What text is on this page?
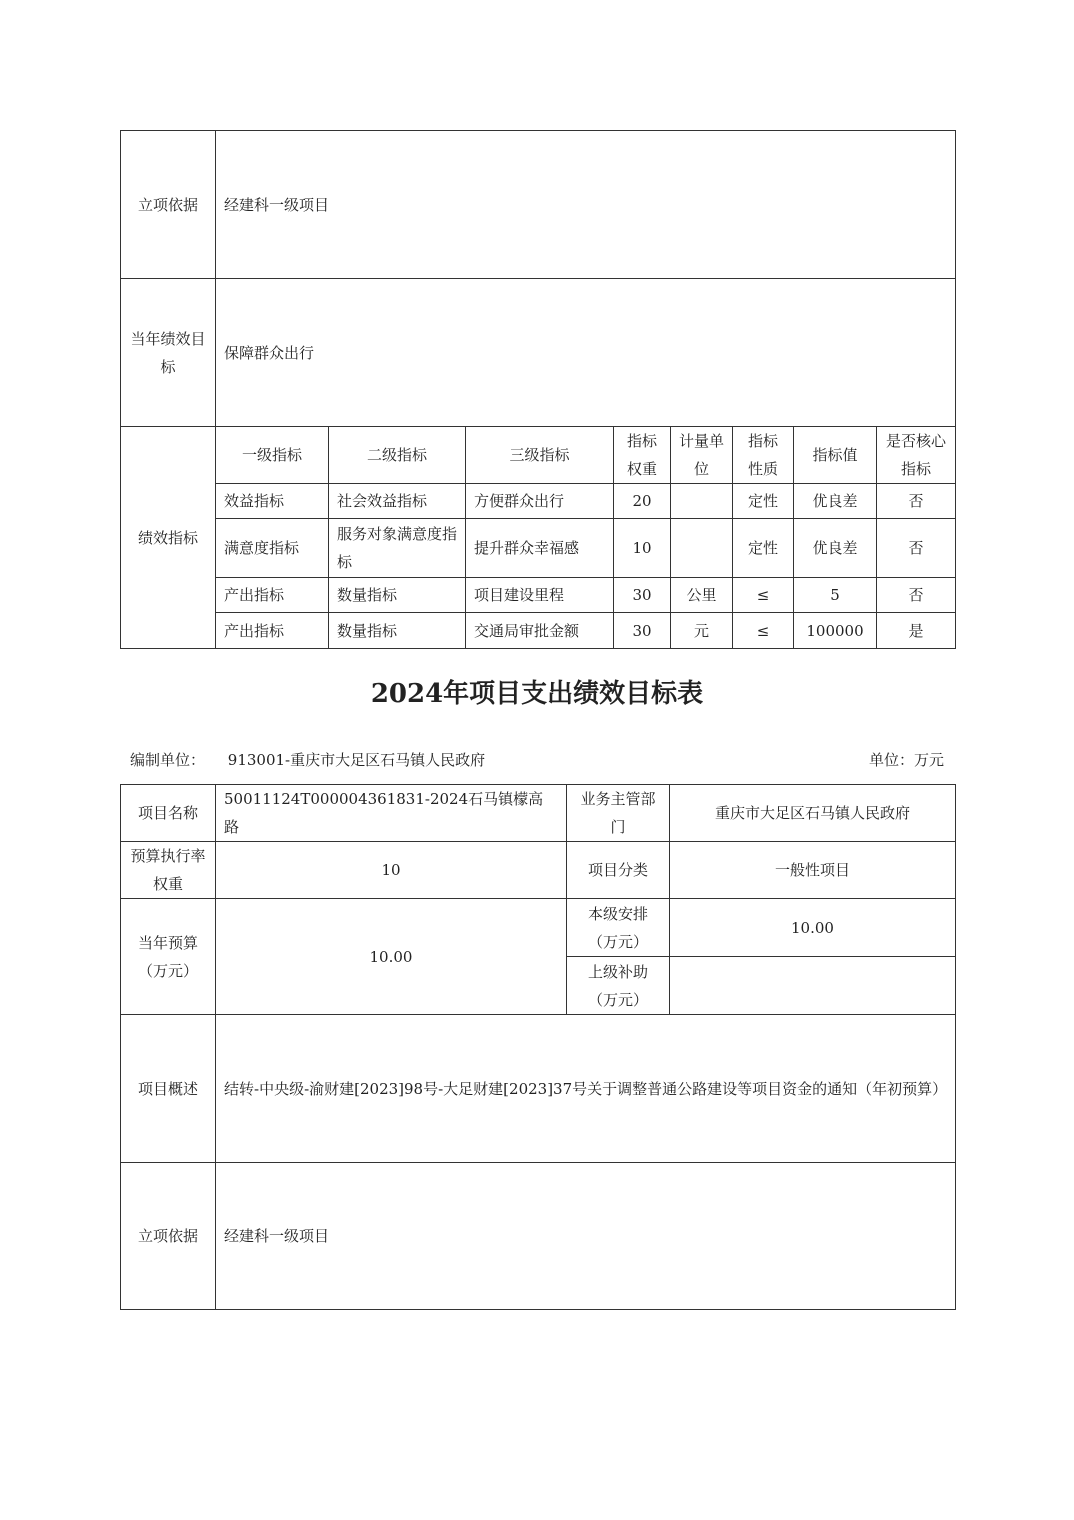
立项依据	经建科一级项目							
当年绩效目标	保障群众出行							
绩效指标	一级指标	二级指标	三级指标	指标权重	计量单位	指标性质	指标值	是否核心指标
	效益指标	社会效益指标	方便群众出行	20		定性	优良差	否
	满意度指标	服务对象满意度指标	提升群众幸福感	10		定性	优良差	否
	产出指标	数量指标	项目建设里程	30	公里	≤	5	否
	产出指标	数量指标	交通局审批金额	30	元	≤	100000	是
2024年项目支出绩效目标表
编制单位： 913001-重庆市大足区石马镇人民政府	单位：万元
项目名称	50011124T000004361831-2024石马镇檬高路	业务主管部门	重庆市大足区石马镇人民政府
预算执行率权重	10	项目分类	一般性项目
当年预算（万元）	10.00	本级安排（万元）	10.00
		上级补助（万元）	
项目概述	结转-中央级-渝财建[2023]98号-大足财建[2023]37号关于调整普通公路建设等项目资金的通知（年初预算）		
立项依据	经建科一级项目		
